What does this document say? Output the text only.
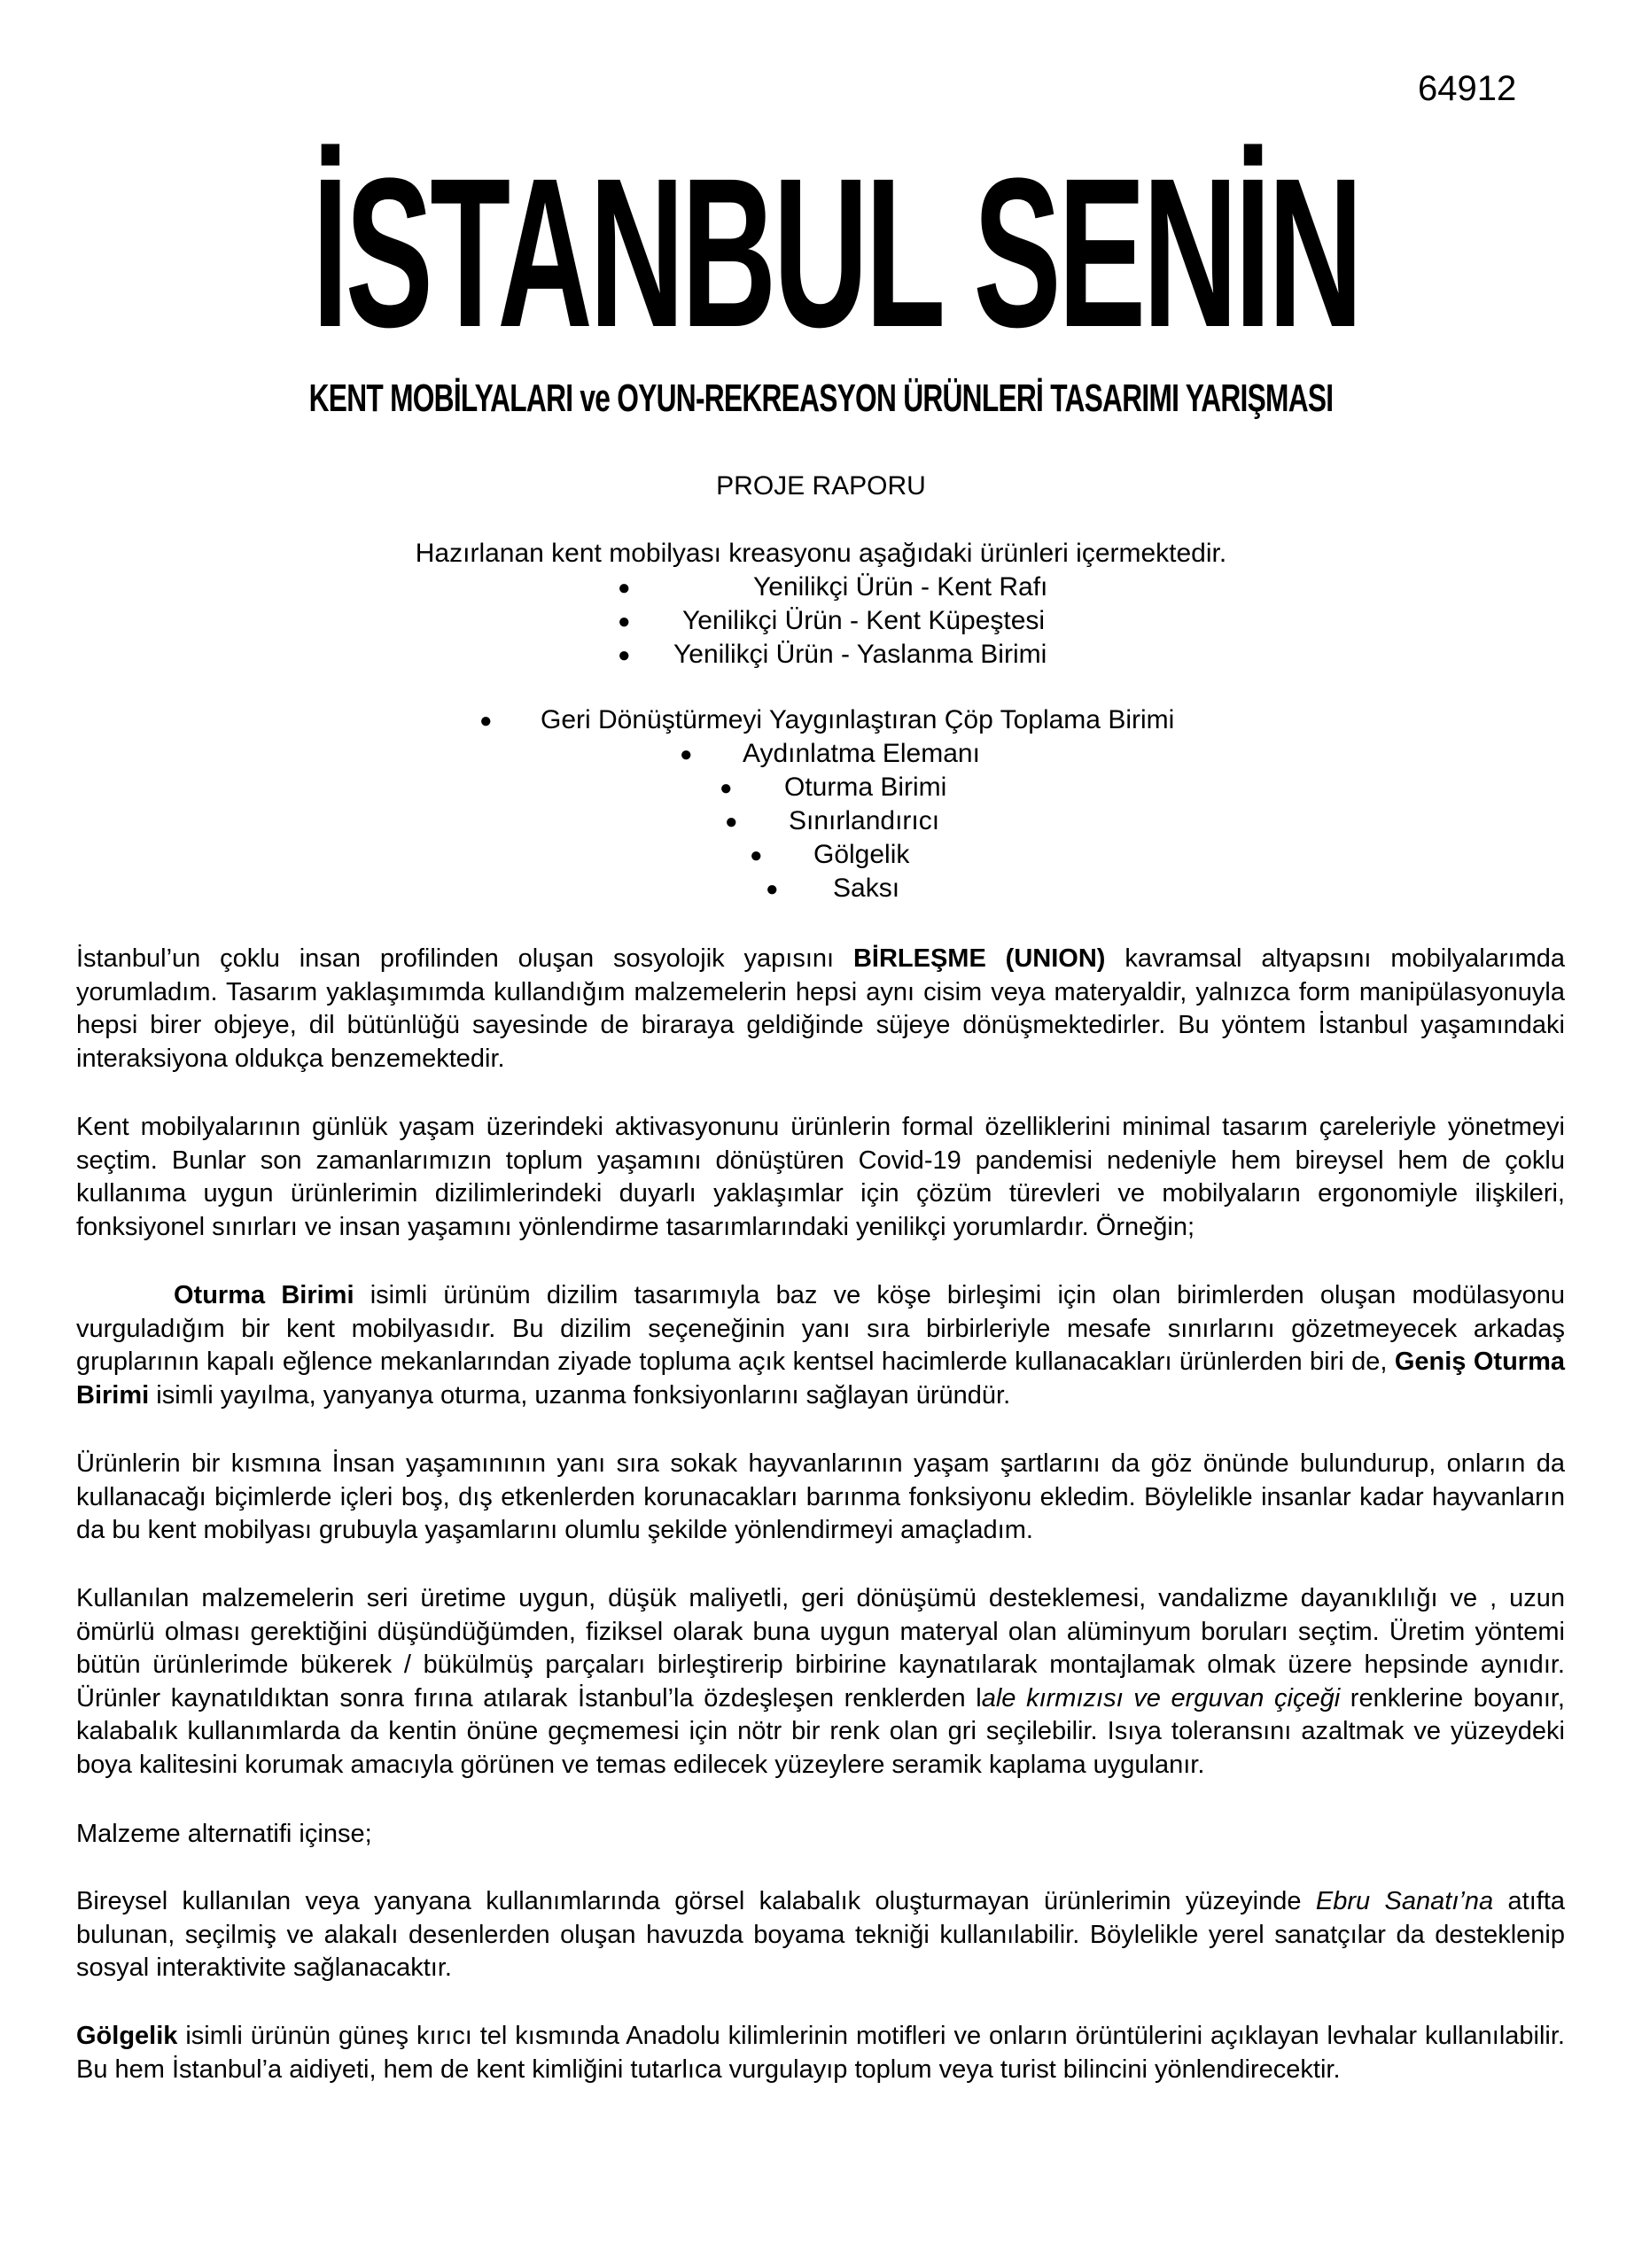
64912
İSTANBUL SENİN
KENT MOBİLYALARI ve OYUN-REKREASYON ÜRÜNLERİ TASARIMI YARIŞMASI
PROJE RAPORU
Hazırlanan kent mobilyası kreasyonu aşağıdaki ürünleri içermektedir.
●	Yenilikçi Ürün - Kent Rafı
● Yenilikçi Ürün - Kent Küpeştesi
● Yenilikçi Ürün - Yaslanma Birimi
● Geri Dönüştürmeyi Yaygınlaştıran Çöp Toplama Birimi
● Aydınlatma Elemanı
● Oturma Birimi
● Sınırlandırıcı
● Gölgelik
● Saksı

İstanbul’un çoklu insan profilinden oluşan sosyolojik yapısını BİRLEŞME (UNION) kavramsal altyapsını mobilyalarımda yorumladım. Tasarım yaklaşımımda kullandığım malzemelerin hepsi aynı cisim veya materyaldir, yalnızca form manipülasyonuyla hepsi birer objeye, dil bütünlüğü sayesinde de biraraya geldiğinde süjeye dönüşmektedirler. Bu yöntem İstanbul yaşamındaki interaksiyona oldukça benzemektedir.

Kent mobilyalarının günlük yaşam üzerindeki aktivasyonunu ürünlerin formal özelliklerini minimal tasarım çareleriyle yönetmeyi seçtim. Bunlar son zamanlarımızın toplum yaşamını dönüştüren Covid-19 pandemisi nedeniyle hem bireysel hem de çoklu kullanıma uygun ürünlerimin dizilimlerindeki duyarlı yaklaşımlar için çözüm türevleri ve mobilyaların ergonomiyle ilişkileri, fonksiyonel sınırları ve insan yaşamını yönlendirme tasarımlarındaki yenilikçi yorumlardır. Örneğin;

Oturma Birimi isimli ürünüm dizilim tasarımıyla baz ve köşe birleşimi için olan birimlerden oluşan modülasyonu vurguladığım bir kent mobilyasıdır. Bu dizilim seçeneğinin yanı sıra birbirleriyle mesafe sınırlarını gözetmeyecek arkadaş gruplarının kapalı eğlence mekanlarından ziyade topluma açık kentsel hacimlerde kullanacakları ürünlerden biri de, Geniş Oturma Birimi isimli yayılma, yanyanya oturma, uzanma fonksiyonlarını sağlayan üründür.

Ürünlerin bir kısmına İnsan yaşamınının yanı sıra sokak hayvanlarının yaşam şartlarını da göz önünde bulundurup, onların da kullanacağı biçimlerde içleri boş, dış etkenlerden korunacakları barınma fonksiyonu ekledim. Böylelikle insanlar kadar hayvanların da bu kent mobilyası grubuyla yaşamlarını olumlu şekilde yönlendirmeyi amaçladım.

Kullanılan malzemelerin seri üretime uygun, düşük maliyetli, geri dönüşümü desteklemesi, vandalizme dayanıklılığı ve , uzun ömürlü olması gerektiğini düşündüğümden, fiziksel olarak buna uygun materyal olan alüminyum boruları seçtim. Üretim yöntemi bütün ürünlerimde bükerek / bükülmüş parçaları birleştirerip birbirine kaynatılarak montajlamak olmak üzere hepsinde aynıdır. Ürünler kaynatıldıktan sonra fırına atılarak İstanbul’la özdeşleşen renklerden lale kırmızısı ve erguvan çiçeği renklerine boyanır, kalabalık kullanımlarda da kentin önüne geçmemesi için nötr bir renk olan gri seçilebilir. Isıya toleransını azaltmak ve yüzeydeki boya kalitesini korumak amacıyla görünen ve temas edilecek yüzeylere seramik kaplama uygulanır.

Malzeme alternatifi içinse;

Bireysel kullanılan veya yanyana kullanımlarında görsel kalabalık oluşturmayan ürünlerimin yüzeyinde Ebru Sanatı’na atıfta bulunan, seçilmiş ve alakalı desenlerden oluşan havuzda boyama tekniği kullanılabilir. Böylelikle yerel sanatçılar da desteklenip sosyal interaktivite sağlanacaktır.

Gölgelik isimli ürünün güneş kırıcı tel kısmında Anadolu kilimlerinin motifleri ve onların örüntülerini açıklayan levhalar kullanılabilir. Bu hem İstanbul’a aidiyeti, hem de kent kimliğini tutarlıca vurgulayıp toplum veya turist bilincini yönlendirecektir.
